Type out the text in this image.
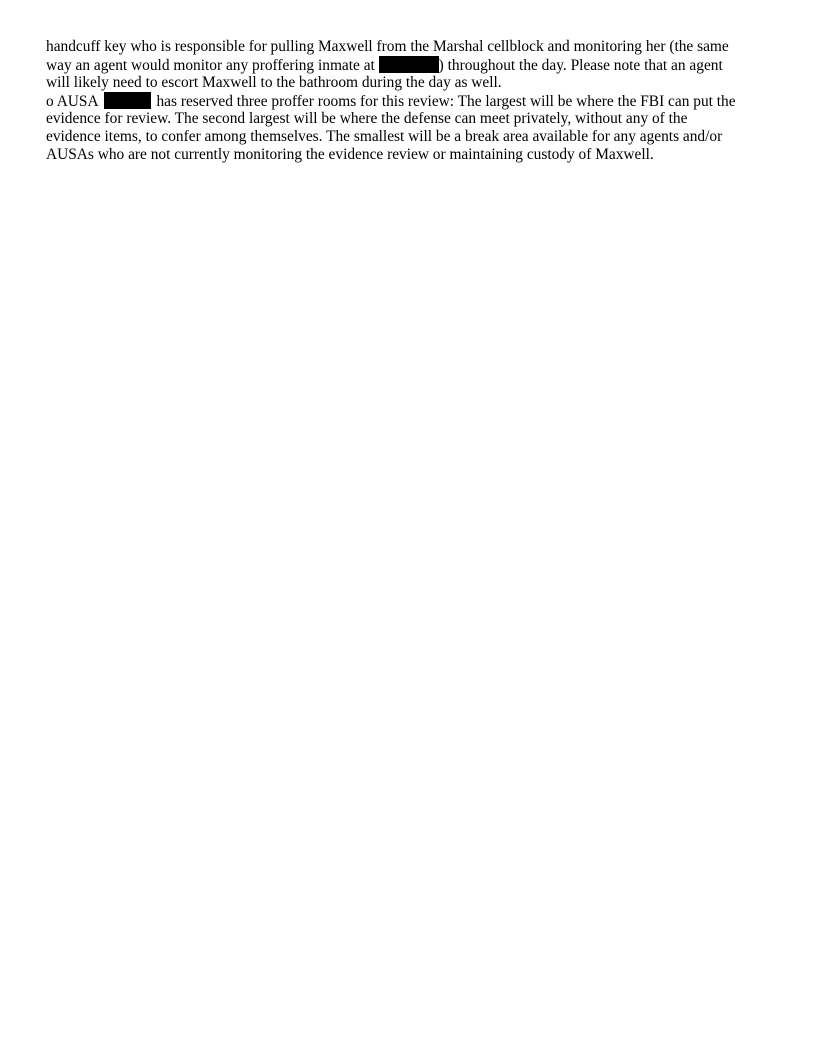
handcuff key who is responsible for pulling Maxwell from the Marshal cellblock and monitoring her (the same
way an agent would monitor any proffering inmate at	) throughout the day. Please note that an agent
will likely need to escort Maxwell to the bathroom during the day as well.
o AUSA	has reserved three proffer rooms for this review: The largest will be where the FBI can put the
evidence for review. The second largest will be where the defense can meet privately, without any of the
evidence items, to confer among themselves. The smallest will be a break area available for any agents and/or
AUSAs who are not currently monitoring the evidence review or maintaining custody of Maxwell.
